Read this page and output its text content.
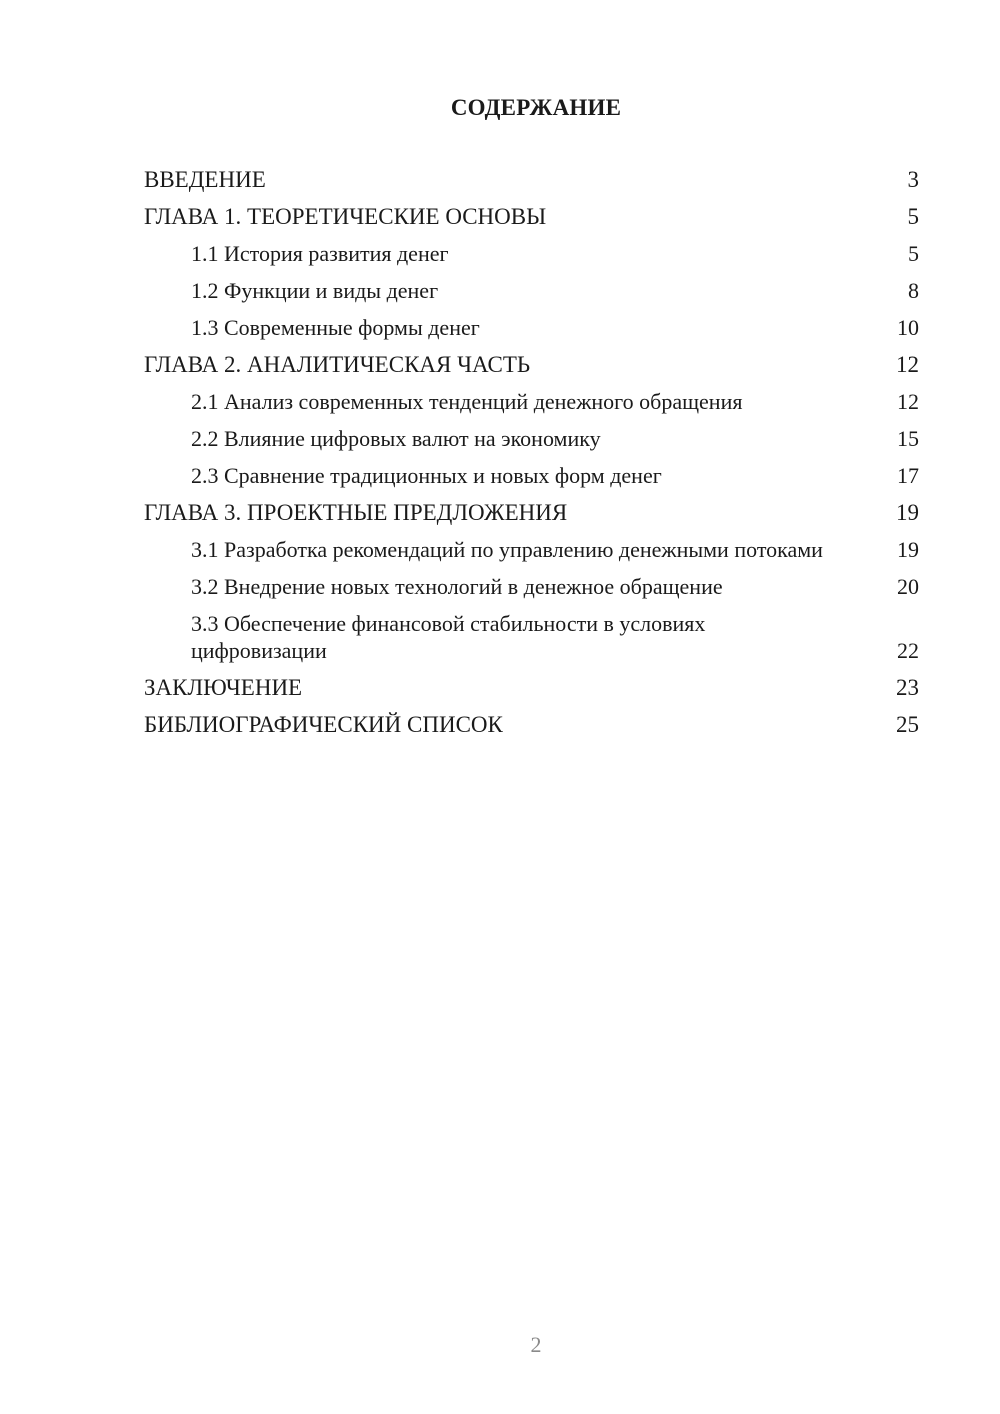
СОДЕРЖАНИЕ
ВВЕДЕНИЕ	3
ГЛАВА 1. ТЕОРЕТИЧЕСКИЕ ОСНОВЫ	5
1.1 История развития денег	5
1.2 Функции и виды денег	8
1.3 Современные формы денег	10
ГЛАВА 2. АНАЛИТИЧЕСКАЯ ЧАСТЬ	12
2.1 Анализ современных тенденций денежного обращения	12
2.2 Влияние цифровых валют на экономику	15
2.3 Сравнение традиционных и новых форм денег	17
ГЛАВА 3. ПРОЕКТНЫЕ ПРЕДЛОЖЕНИЯ	19
3.1 Разработка рекомендаций по управлению денежными потоками	19
3.2 Внедрение новых технологий в денежное обращение	20
3.3 Обеспечение финансовой стабильности в условиях цифровизации	22
ЗАКЛЮЧЕНИЕ	23
БИБЛИОГРАФИЧЕСКИЙ СПИСОК	25
2
